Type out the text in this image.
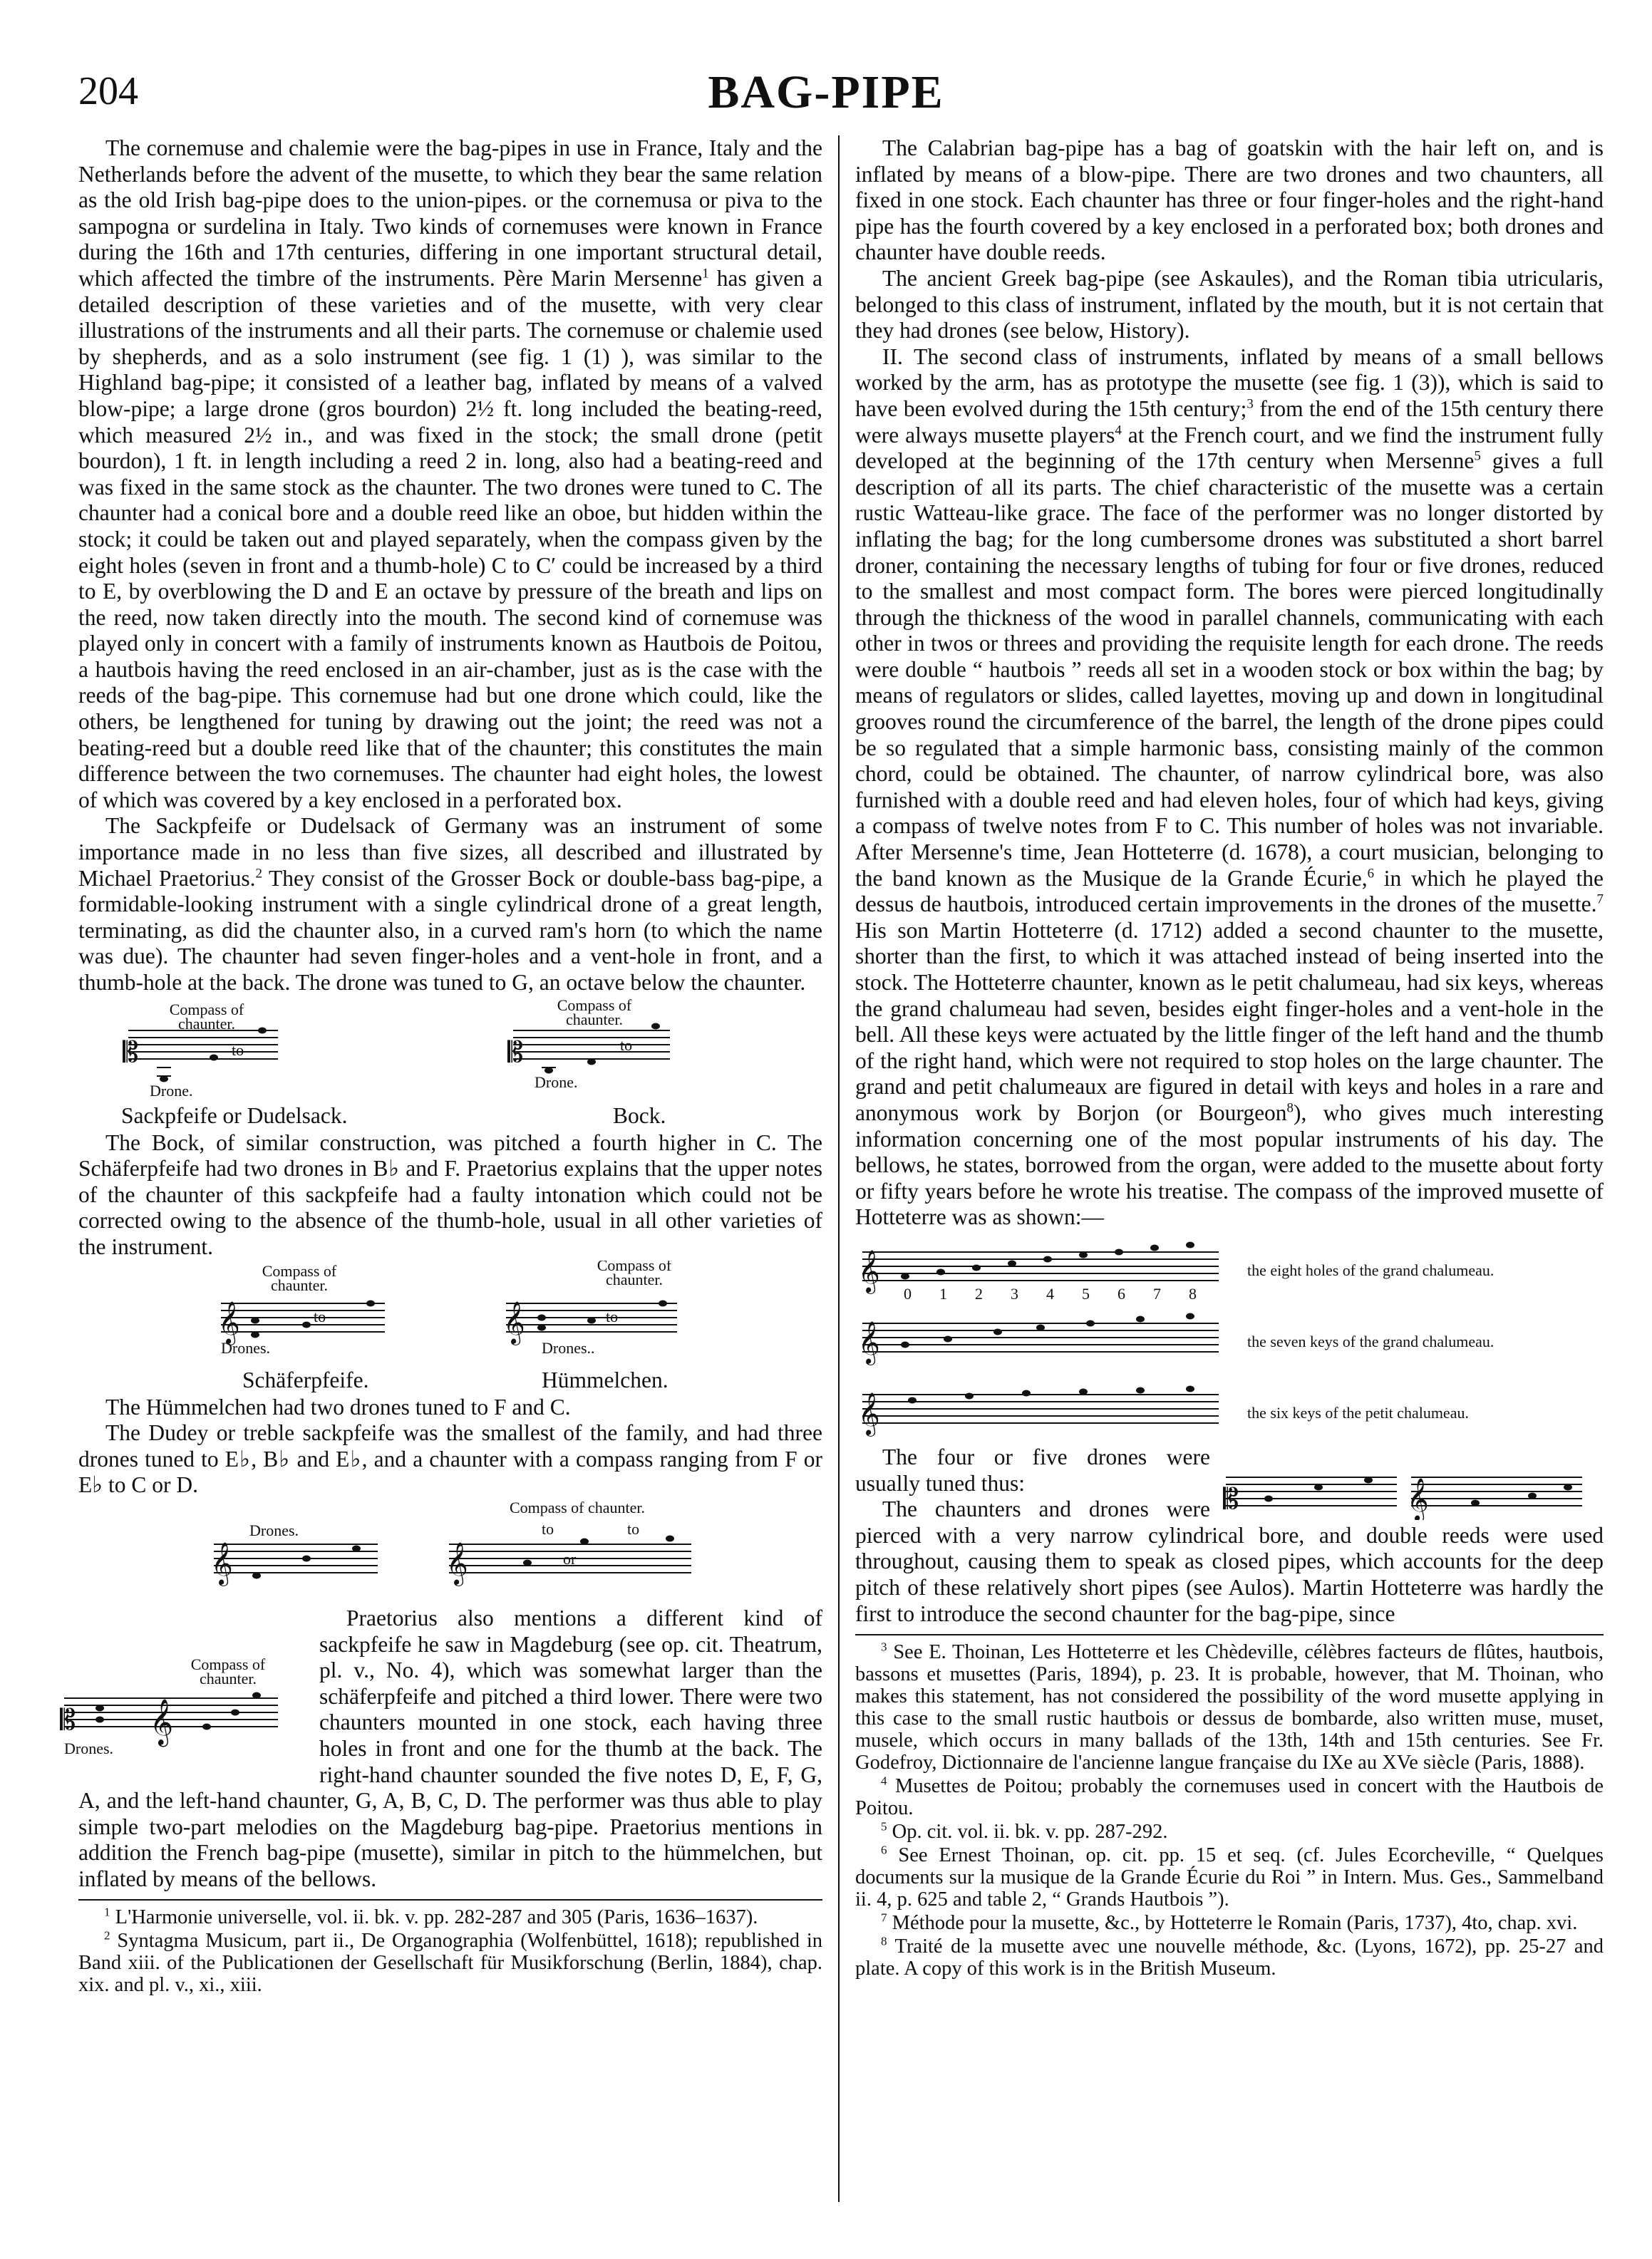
204	BAG-PIPE

The cornemuse and chalemie were the bag-pipes in use in France, Italy and the Netherlands before the advent of the musette, to which they bear the same relation as the old Irish bag-pipe does to the union-pipes. or the cornemusa or piva to the sampogna or surdelina in Italy. Two kinds of cornemuses were known in France during the 16th and 17th centuries, differing in one important structural detail, which affected the timbre of the instruments. Père Marin Mersenne$^1$ has given a detailed description of these varieties and of the musette, with very clear illustrations of the instruments and all their parts. The cornemuse or chalemie used by shepherds, and as a solo instrument (see fig. 1 (1) ), was similar to the Highland bag-pipe; it consisted of a leather bag, inflated by means of a valved blow-pipe; a large drone (gros bourdon) 2½ ft. long included the beating-reed, which measured 2½ in., and was fixed in the stock; the small drone (petit bourdon), 1 ft. in length including a reed 2 in. long, also had a beating-reed and was fixed in the same stock as the chaunter. The two drones were tuned to C. The chaunter had a conical bore and a double reed like an oboe, but hidden within the stock; it could be taken out and played separately, when the compass given by the eight holes (seven in front and a thumb-hole) C to C′ could be increased by a third to E, by overblowing the D and E an octave by pressure of the breath and lips on the reed, now taken directly into the mouth. The second kind of cornemuse was played only in concert with a family of instruments known as Hautbois de Poitou, a hautbois having the reed enclosed in an air-chamber, just as is the case with the reeds of the bag-pipe. This cornemuse had but one drone which could, like the others, be lengthened for tuning by drawing out the joint; the reed was not a beating-reed but a double reed like that of the chaunter; this constitutes the main difference between the two cornemuses. The chaunter had eight holes, the lowest of which was covered by a key enclosed in a perforated box.

The Sackpfeife or Dudelsack of Germany was an instrument of some importance made in no less than five sizes, all described and illustrated by Michael Praetorius.$^2$ They consist of the Grosser Bock or double-bass bag-pipe, a formidable-looking instrument with a single cylindrical drone of a great length, terminating, as did the chaunter also, in a curved ram's horn (to which the name was due). The chaunter had seven finger-holes and a vent-hole in front, and a thumb-hole at the back. The drone was tuned to G, an octave below the chaunter.

𝄡
Compass of
chaunter.
to
Drone.
𝄡
Compass of
chaunter.
to
Drone.
Sackpfeife or Dudelsack.	Bock.

The Bock, of similar construction, was pitched a fourth higher in C. The Schäferpfeife had two drones in B♭ and F. Praetorius explains that the upper notes of the chaunter of this sackpfeife had a faulty intonation which could not be corrected owing to the absence of the thumb-hole, usual in all other varieties of the instrument.

𝄞
Compass of
chaunter.
to
Drones.
𝄞
Compass of
chaunter.
to
Drones..
Schäferpfeife.	Hümmelchen.

The Hümmelchen had two drones tuned to F and C.

The Dudey or treble sackpfeife was the smallest of the family, and had three drones tuned to E♭, B♭ and E♭, and a chaunter with a compass ranging from F or E♭ to C or D.

𝄞
Drones.
𝄞
Compass of chaunter.
to	to
or

𝄡 𝄞
Compass of
chaunter.
Drones.
Praetorius also mentions a different kind of sackpfeife he saw in Magdeburg (see op. cit. Theatrum, pl. v., No. 4), which was somewhat larger than the schäferpfeife and pitched a third lower. There were two chaunters mounted in one stock, each having three holes in front and one for the thumb at the back. The right-hand chaunter sounded the five notes D, E, F, G, A, and the left-hand chaunter, G, A, B, C, D. The performer was thus able to play simple two-part melodies on the Magdeburg bag-pipe. Praetorius mentions in addition the French bag-pipe (musette), similar in pitch to the hümmelchen, but inflated by means of the bellows.

$^1$ L'Harmonie universelle, vol. ii. bk. v. pp. 282-287 and 305 (Paris, 1636–1637).

$^2$ Syntagma Musicum, part ii., De Organographia (Wolfenbüttel, 1618); republished in Band xiii. of the Publicationen der Gesellschaft für Musikforschung (Berlin, 1884), chap. xix. and pl. v., xi., xiii.

The Calabrian bag-pipe has a bag of goatskin with the hair left on, and is inflated by means of a blow-pipe. There are two drones and two chaunters, all fixed in one stock. Each chaunter has three or four finger-holes and the right-hand pipe has the fourth covered by a key enclosed in a perforated box; both drones and chaunter have double reeds.

The ancient Greek bag-pipe (see Askaules), and the Roman tibia utricularis, belonged to this class of instrument, inflated by the mouth, but it is not certain that they had drones (see below, History).

II. The second class of instruments, inflated by means of a small bellows worked by the arm, has as prototype the musette (see fig. 1 (3)), which is said to have been evolved during the 15th century;$^3$ from the end of the 15th century there were always musette players$^4$ at the French court, and we find the instrument fully developed at the beginning of the 17th century when Mersenne$^5$ gives a full description of all its parts. The chief characteristic of the musette was a certain rustic Watteau-like grace. The face of the performer was no longer distorted by inflating the bag; for the long cumbersome drones was substituted a short barrel droner, containing the necessary lengths of tubing for four or five drones, reduced to the smallest and most compact form. The bores were pierced longitudinally through the thickness of the wood in parallel channels, communicating with each other in twos or threes and providing the requisite length for each drone. The reeds were double “ hautbois ” reeds all set in a wooden stock or box within the bag; by means of regulators or slides, called layettes, moving up and down in longitudinal grooves round the circumference of the barrel, the length of the drone pipes could be so regulated that a simple harmonic bass, consisting mainly of the common chord, could be obtained. The chaunter, of narrow cylindrical bore, was also furnished with a double reed and had eleven holes, four of which had keys, giving a compass of twelve notes from F to C. This number of holes was not invariable. After Mersenne's time, Jean Hotteterre (d. 1678), a court musician, belonging to the band known as the Musique de la Grande Écurie,$^6$ in which he played the dessus de hautbois, introduced certain improvements in the drones of the musette.$^7$ His son Martin Hotteterre (d. 1712) added a second chaunter to the musette, shorter than the first, to which it was attached instead of being inserted into the stock. The Hotteterre chaunter, known as le petit chalumeau, had six keys, whereas the grand chalumeau had seven, besides eight finger-holes and a vent-hole in the bell. All these keys were actuated by the little finger of the left hand and the thumb of the right hand, which were not required to stop holes on the large chaunter. The grand and petit chalumeaux are figured in detail with keys and holes in a rare and anonymous work by Borjon (or Bourgeon$^8$), who gives much interesting information concerning one of the most popular instruments of his day. The bellows, he states, borrowed from the organ, were added to the musette about forty or fifty years before he wrote his treatise. The compass of the improved musette of Hotteterre was as shown:—

𝄞
0 1 2 3 4 5 6 7 8
𝄞
𝄞
the eight holes of the grand chalumeau.
the seven keys of the grand chalumeau.
the six keys of the petit chalumeau.

𝄡	𝄞
The four or five drones were usually tuned thus:

The chaunters and drones were pierced with a very narrow cylindrical bore, and double reeds were used throughout, causing them to speak as closed pipes, which accounts for the deep pitch of these relatively short pipes (see Aulos). Martin Hotteterre was hardly the first to introduce the second chaunter for the bag-pipe, since

$^3$ See E. Thoinan, Les Hotteterre et les Chèdeville, célèbres facteurs de flûtes, hautbois, bassons et musettes (Paris, 1894), p. 23. It is probable, however, that M. Thoinan, who makes this statement, has not considered the possibility of the word musette applying in this case to the small rustic hautbois or dessus de bombarde, also written muse, muset, musele, which occurs in many ballads of the 13th, 14th and 15th centuries. See Fr. Godefroy, Dictionnaire de l'ancienne langue française du IXe au XVe siècle (Paris, 1888).

$^4$ Musettes de Poitou; probably the cornemuses used in concert with the Hautbois de Poitou.

$^5$ Op. cit. vol. ii. bk. v. pp. 287-292.

$^6$ See Ernest Thoinan, op. cit. pp. 15 et seq. (cf. Jules Ecorcheville, “ Quelques documents sur la musique de la Grande Écurie du Roi ” in Intern. Mus. Ges., Sammelband ii. 4, p. 625 and table 2, “ Grands Hautbois ”).

$^7$ Méthode pour la musette, &c., by Hotteterre le Romain (Paris, 1737), 4to, chap. xvi.

$^8$ Traité de la musette avec une nouvelle méthode, &c. (Lyons, 1672), pp. 25-27 and plate. A copy of this work is in the British Museum.
